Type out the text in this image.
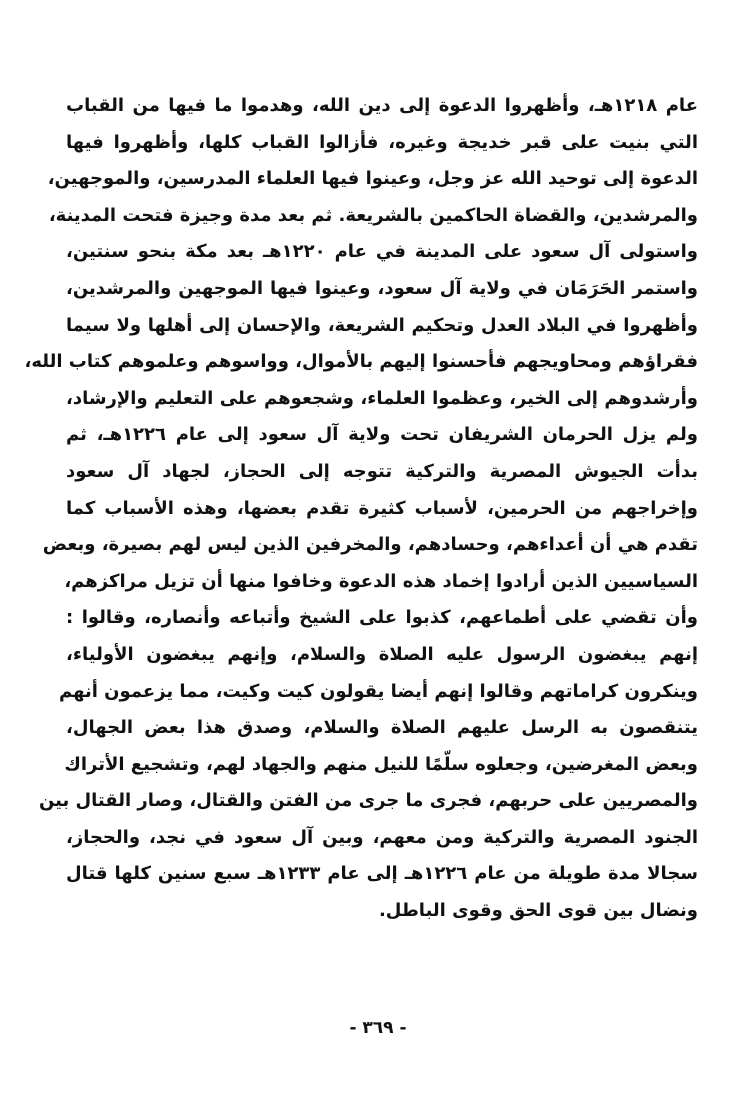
عام ١٢١٨هـ، وأظهروا الدعوة إلى دين الله، وهدموا ما فيها من القباب
التي بنيت على قبر خديجة وغيره، فأزالوا القباب كلها، وأظهروا فيها
الدعوة إلى توحيد الله عز وجل، وعينوا فيها العلماء المدرسين، والموجهين،
والمرشدين، والقضاة الحاكمين بالشريعة. ثم بعد مدة وجيزة فتحت المدينة،
واستولى آل سعود على المدينة في عام ١٢٢٠هـ بعد مكة بنحو سنتين،
واستمر الحَرَمَان في ولاية آل سعود، وعينوا فيها الموجهين والمرشدين،
وأظهروا في البلاد العدل وتحكيم الشريعة، والإحسان إلى أهلها ولا سيما
فقراؤهم ومحاويجهم فأحسنوا إليهم بالأموال، وواسوهم وعلموهم كتاب الله،
وأرشدوهم إلى الخير، وعظموا العلماء، وشجعوهم على التعليم والإرشاد،
ولم يزل الحرمان الشريفان تحت ولاية آل سعود إلى عام ١٢٢٦هـ، ثم
بدأت الجيوش المصرية والتركية تتوجه إلى الحجاز، لجهاد آل سعود
وإخراجهم من الحرمين، لأسباب كثيرة تقدم بعضها، وهذه الأسباب كما
تقدم هي أن أعداءهم، وحسادهم، والمخرفين الذين ليس لهم بصيرة، وبعض
السياسيين الذين أرادوا إخماد هذه الدعوة وخافوا منها أن تزيل مراكزهم،
وأن تقضي على أطماعهم، كذبوا على الشيخ وأتباعه وأنصاره، وقالوا :
إنهم يبغضون الرسول عليه الصلاة والسلام، وإنهم يبغضون الأولياء،
وينكرون كراماتهم وقالوا إنهم أيضا يقولون كيت وكيت، مما يزعمون أنهم
يتنقصون به الرسل عليهم الصلاة والسلام، وصدق هذا بعض الجهال،
وبعض المغرضين، وجعلوه سلّمًا للنيل منهم والجهاد لهم، وتشجيع الأتراك
والمصريين على حربهم، فجرى ما جرى من الفتن والقتال، وصار القتال بين
الجنود المصرية والتركية ومن معهم، وبين آل سعود في نجد، والحجاز،
سجالا مدة طويلة من عام ١٢٢٦هـ إلى عام ١٢٣٣هـ سبع سنين كلها قتال
ونضال بين قوى الحق وقوى الباطل.
- ٣٦٩ -
